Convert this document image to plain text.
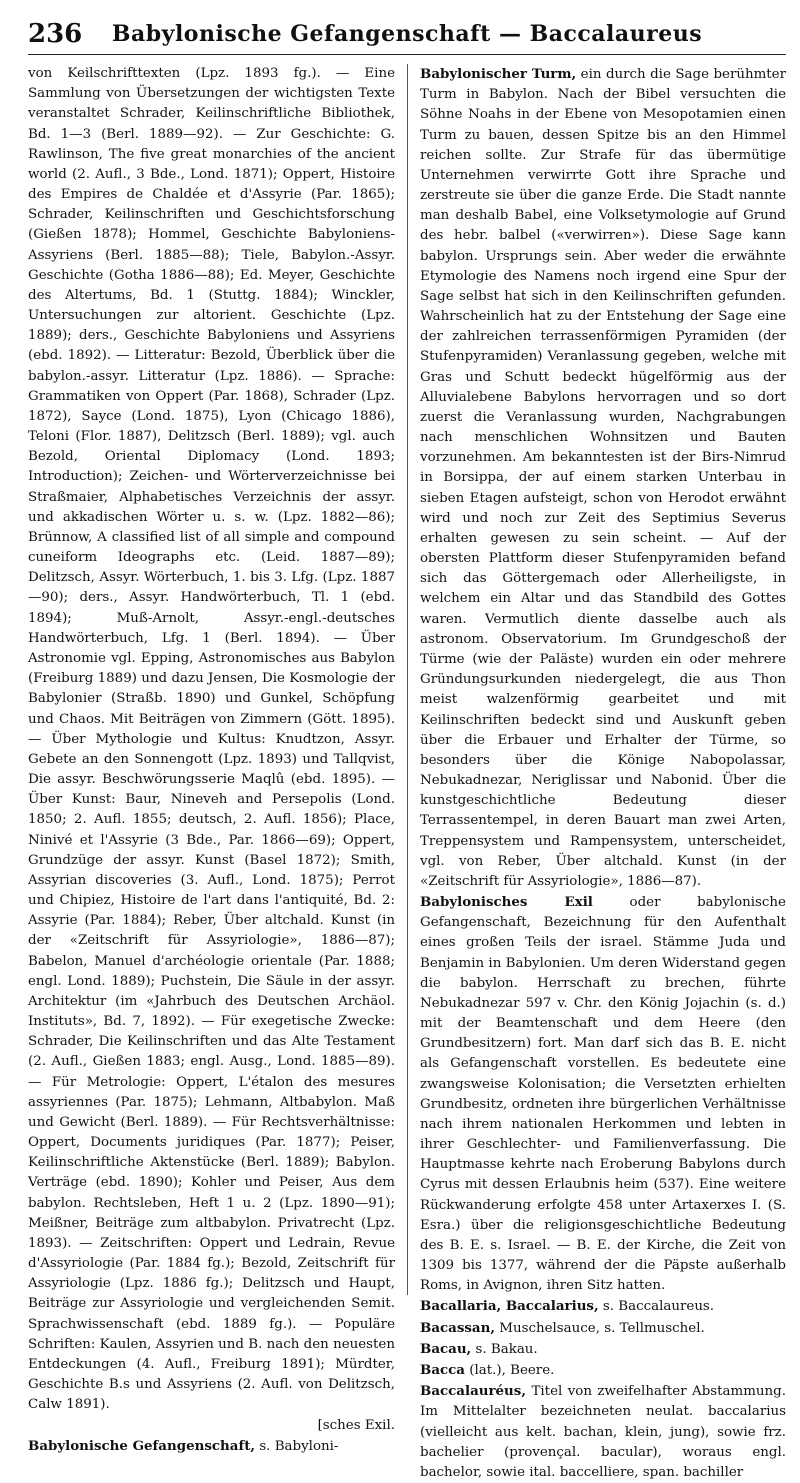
236	Babylonische Gefangenschaft — Baccalaureus

von Keilschrifttexten (Lpz. 1893 fg.). — Eine Sammlung von Übersetzungen der wichtigsten Texte veranstaltet Schrader, Keilinschriftliche Bibliothek, Bd. 1—3 (Berl. 1889—92). — Zur Geschichte: G. Rawlinson, The five great monarchies of the ancient world (2. Aufl., 3 Bde., Lond. 1871); Oppert, Histoire des Empires de Chaldée et d'Assyrie (Par. 1865); Schrader, Keilinschriften und Geschichtsforschung (Gießen 1878); Hommel, Geschichte Babyloniens-Assyriens (Berl. 1885—88); Tiele, Babylon.-Assyr. Geschichte (Gotha 1886—88); Ed. Meyer, Geschichte des Altertums, Bd. 1 (Stuttg. 1884); Winckler, Untersuchungen zur altorient. Geschichte (Lpz. 1889); ders., Geschichte Babyloniens und Assyriens (ebd. 1892). — Litteratur: Bezold, Überblick über die babylon.-assyr. Litteratur (Lpz. 1886). — Sprache: Grammatiken von Oppert (Par. 1868), Schrader (Lpz. 1872), Sayce (Lond. 1875), Lyon (Chicago 1886), Teloni (Flor. 1887), Delitzsch (Berl. 1889); vgl. auch Bezold, Oriental Diplomacy (Lond. 1893; Introduction); Zeichen- und Wörterverzeichnisse bei Straßmaier, Alphabetisches Verzeichnis der assyr. und akkadischen Wörter u. s. w. (Lpz. 1882—86); Brünnow, A classified list of all simple and compound cuneiform Ideographs etc. (Leid. 1887—89); Delitzsch, Assyr. Wörterbuch, 1. bis 3. Lfg. (Lpz. 1887—90); ders., Assyr. Handwörterbuch, Tl. 1 (ebd. 1894); Muß-Arnolt, Assyr.-engl.-deutsches Handwörterbuch, Lfg. 1 (Berl. 1894). — Über Astronomie vgl. Epping, Astronomisches aus Babylon (Freiburg 1889) und dazu Jensen, Die Kosmologie der Babylonier (Straßb. 1890) und Gunkel, Schöpfung und Chaos. Mit Beiträgen von Zimmern (Gött. 1895). — Über Mythologie und Kultus: Knudtzon, Assyr. Gebete an den Sonnengott (Lpz. 1893) und Tallqvist, Die assyr. Beschwörungsserie Maqlû (ebd. 1895). — Über Kunst: Baur, Nineveh and Persepolis (Lond. 1850; 2. Aufl. 1855; deutsch, 2. Aufl. 1856); Place, Ninivé et l'Assyrie (3 Bde., Par. 1866—69); Oppert, Grundzüge der assyr. Kunst (Basel 1872); Smith, Assyrian discoveries (3. Aufl., Lond. 1875); Perrot und Chipiez, Histoire de l'art dans l'antiquité, Bd. 2: Assyrie (Par. 1884); Reber, Über altchald. Kunst (in der «Zeitschrift für Assyriologie», 1886—87); Babelon, Manuel d'archéologie orientale (Par. 1888; engl. Lond. 1889); Puchstein, Die Säule in der assyr. Architektur (im «Jahrbuch des Deutschen Archäol. Instituts», Bd. 7, 1892). — Für exegetische Zwecke: Schrader, Die Keilinschriften und das Alte Testament (2. Aufl., Gießen 1883; engl. Ausg., Lond. 1885—89). — Für Metrologie: Oppert, L'étalon des mesures assyriennes (Par. 1875); Lehmann, Altbabylon. Maß und Gewicht (Berl. 1889). — Für Rechtsverhältnisse: Oppert, Documents juridiques (Par. 1877); Peiser, Keilinschriftliche Aktenstücke (Berl. 1889); Babylon. Verträge (ebd. 1890); Kohler und Peiser, Aus dem babylon. Rechtsleben, Heft 1 u. 2 (Lpz. 1890—91); Meißner, Beiträge zum altbabylon. Privatrecht (Lpz. 1893). — Zeitschriften: Oppert und Ledrain, Revue d'Assyriologie (Par. 1884 fg.); Bezold, Zeitschrift für Assyriologie (Lpz. 1886 fg.); Delitzsch und Haupt, Beiträge zur Assyriologie und vergleichenden Semit. Sprachwissenschaft (ebd. 1889 fg.). — Populäre Schriften: Kaulen, Assyrien und B. nach den neuesten Entdeckungen (4. Aufl., Freiburg 1891); Mürdter, Geschichte B.s und Assyriens (2. Aufl. von Delitzsch, Calw 1891).

[sches Exil.

Babylonische Gefangenschaft, s. Babyloni-

Babylonischer Turm, ein durch die Sage berühmter Turm in Babylon. Nach der Bibel versuchten die Söhne Noahs in der Ebene von Mesopotamien einen Turm zu bauen, dessen Spitze bis an den Himmel reichen sollte. Zur Strafe für das übermütige Unternehmen verwirrte Gott ihre Sprache und zerstreute sie über die ganze Erde. Die Stadt nannte man deshalb Babel, eine Volksetymologie auf Grund des hebr. balbel («verwirren»). Diese Sage kann babylon. Ursprungs sein. Aber weder die erwähnte Etymologie des Namens noch irgend eine Spur der Sage selbst hat sich in den Keilinschriften gefunden. Wahrscheinlich hat zu der Entstehung der Sage eine der zahlreichen terrassenförmigen Pyramiden (der Stufenpyramiden) Veranlassung gegeben, welche mit Gras und Schutt bedeckt hügelförmig aus der Alluvialebene Babylons hervorragen und so dort zuerst die Veranlassung wurden, Nachgrabungen nach menschlichen Wohnsitzen und Bauten vorzunehmen. Am bekanntesten ist der Birs-Nimrud in Borsippa, der auf einem starken Unterbau in sieben Etagen aufsteigt, schon von Herodot erwähnt wird und noch zur Zeit des Septimius Severus erhalten gewesen zu sein scheint. — Auf der obersten Plattform dieser Stufenpyramiden befand sich das Göttergemach oder Allerheiligste, in welchem ein Altar und das Standbild des Gottes waren. Vermutlich diente dasselbe auch als astronom. Observatorium. Im Grundgeschoß der Türme (wie der Paläste) wurden ein oder mehrere Gründungsurkunden niedergelegt, die aus Thon meist walzenförmig gearbeitet und mit Keilinschriften bedeckt sind und Auskunft geben über die Erbauer und Erhalter der Türme, so besonders über die Könige Nabopolassar, Nebukadnezar, Neriglissar und Nabonid. Über die kunstgeschichtliche Bedeutung dieser Terrassentempel, in deren Bauart man zwei Arten, Treppensystem und Rampensystem, unterscheidet, vgl. von Reber, Über altchald. Kunst (in der «Zeitschrift für Assyriologie», 1886—87).

Babylonisches Exil	oder babylonische Gefangenschaft, Bezeichnung für den Aufenthalt eines großen Teils der israel. Stämme Juda und Benjamin in Babylonien. Um deren Widerstand gegen die babylon. Herrschaft zu brechen, führte Nebukadnezar 597 v. Chr. den König Jojachin (s. d.) mit der Beamtenschaft und dem Heere (den Grundbesitzern) fort. Man darf sich das B. E. nicht als Gefangenschaft vorstellen. Es bedeutete eine zwangsweise Kolonisation; die Versetzten erhielten Grundbesitz, ordneten ihre bürgerlichen Verhältnisse nach ihrem nationalen Herkommen und lebten in ihrer Geschlechter- und Familienverfassung. Die Hauptmasse kehrte nach Eroberung Babylons durch Cyrus mit dessen Erlaubnis heim (537). Eine weitere Rückwanderung erfolgte 458 unter Artaxerxes I. (S. Esra.) über die religionsgeschichtliche Bedeutung des B. E. s. Israel. — B. E. der Kirche, die Zeit von 1309 bis 1377, während der die Päpste außerhalb Roms, in Avignon, ihren Sitz hatten.

Bacallaria, Baccalarius, s. Baccalaureus.

Bacassan, Muschelsauce, s. Tellmuschel.

Bacau, s. Bakau.

Bacca (lat.), Beere.

Baccalauréus, Titel von zweifelhafter Abstammung. Im Mittelalter bezeichneten neulat. baccalarius (vielleicht aus kelt. bachan, klein, jung), sowie frz. bachelier (provençal. bacular), woraus engl. bachelor, sowie ital. baccelliere, span. bachiller
